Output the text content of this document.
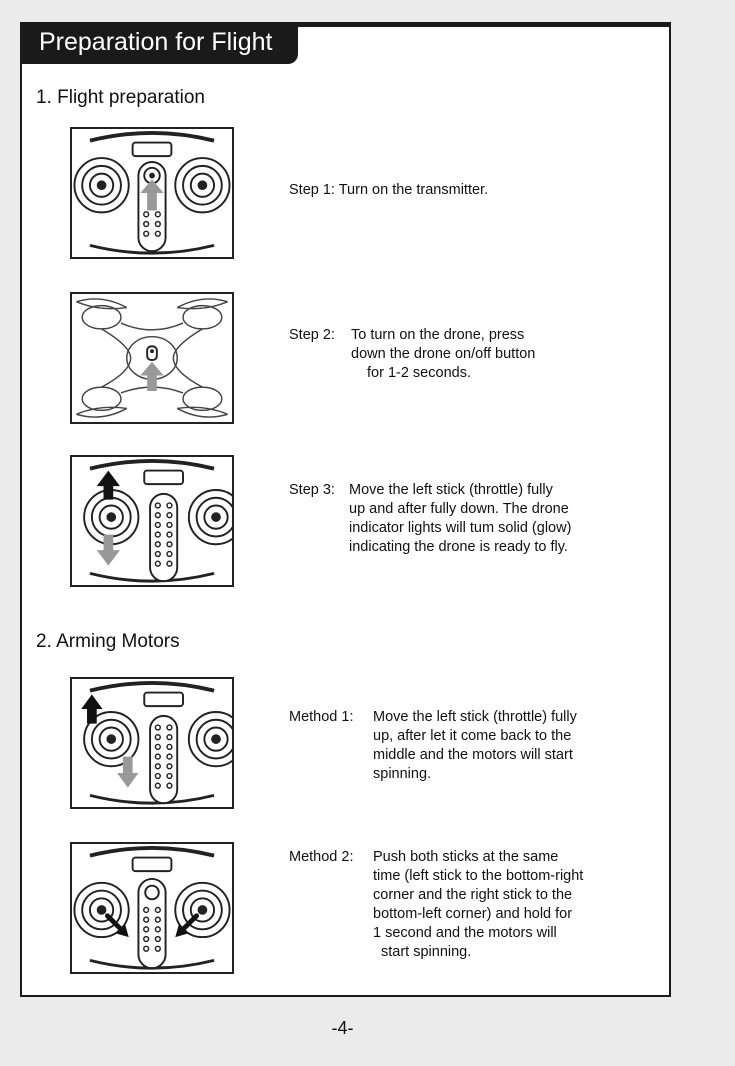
Preparation for Flight
1. Flight preparation
Step 1: Turn on the transmitter.
Step 2: To turn on the drone, press
down the drone on/off button
for 1-2 seconds.
Step 3: Move the left stick (throttle) fully
up and after fully down. The drone
indicator lights will tum solid (glow)
indicating the drone is ready to fly.
2. Arming Motors
Method 1: Move the left stick (throttle) fully
up, after let it come back to the
middle and the motors will start
spinning.
Method 2: Push both sticks at the same
time (left stick to the bottom-right
corner and the right stick to the
bottom-left corner) and hold for
1 second and the motors will
start spinning.
-4-
